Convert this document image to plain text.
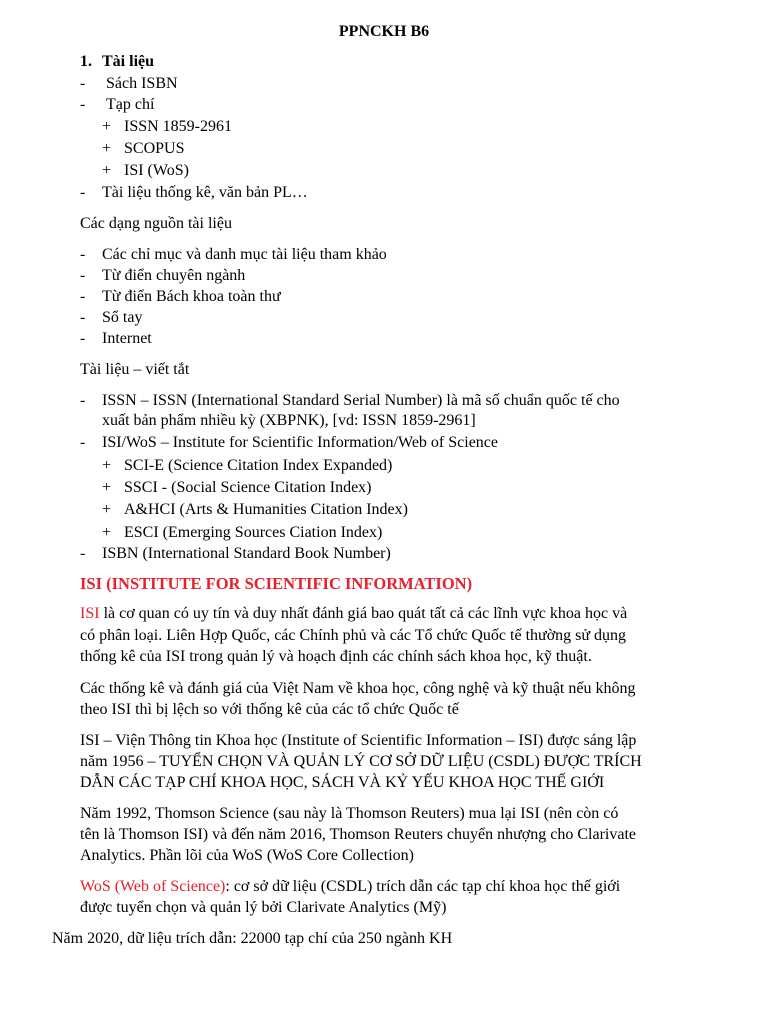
PPNCKH B6
1. Tài liệu
- Sách ISBN
- Tạp chí
+ ISSN 1859-2961
+ SCOPUS
+ ISI (WoS)
- Tài liệu thống kê, văn bản PL…
Các dạng nguồn tài liệu
- Các chỉ mục và danh mục tài liệu tham khảo
- Từ điển chuyên ngành
- Từ điển Bách khoa toàn thư
- Sổ tay
- Internet
Tài liệu – viết tắt
- ISSN – ISSN (International Standard Serial Number) là mã số chuẩn quốc tế cho
xuất bản phẩm nhiều kỳ (XBPNK), [vd: ISSN 1859-2961]
- ISI/WoS – Institute for Scientific Information/Web of Science
+ SCI-E (Science Citation Index Expanded)
+ SSCI - (Social Science Citation Index)
+ A&HCI (Arts & Humanities Citation Index)
+ ESCI (Emerging Sources Ciation Index)
- ISBN (International Standard Book Number)
ISI (INSTITUTE FOR SCIENTIFIC INFORMATION)
ISI là cơ quan có uy tín và duy nhất đánh giá bao quát tất cả các lĩnh vực khoa học và
có phân loại. Liên Hợp Quốc, các Chính phủ và các Tổ chức Quốc tế thường sử dụng
thống kê của ISI trong quản lý và hoạch định các chính sách khoa học, kỹ thuật.
Các thống kê và đánh giá của Việt Nam về khoa học, công nghệ và kỹ thuật nếu không
theo ISI thì bị lệch so với thống kê của các tổ chức Quốc tế
ISI – Viện Thông tin Khoa học (Institute of Scientific Information – ISI) được sáng lập
năm 1956 – TUYỂN CHỌN VÀ QUẢN LÝ CƠ SỞ DỮ LIỆU (CSDL) ĐƯỢC TRÍCH
DẪN CÁC TẠP CHÍ KHOA HỌC, SÁCH VÀ KỶ YẾU KHOA HỌC THẾ GIỚI
Năm 1992, Thomson Science (sau này là Thomson Reuters) mua lại ISI (nên còn có
tên là Thomson ISI) và đến năm 2016, Thomson Reuters chuyển nhượng cho Clarivate
Analytics. Phần lõi của WoS (WoS Core Collection)
WoS (Web of Science): cơ sở dữ liệu (CSDL) trích dẫn các tạp chí khoa học thế giới
được tuyển chọn và quản lý bởi Clarivate Analytics (Mỹ)
Năm 2020, dữ liệu trích dẫn: 22000 tạp chí của 250 ngành KH
